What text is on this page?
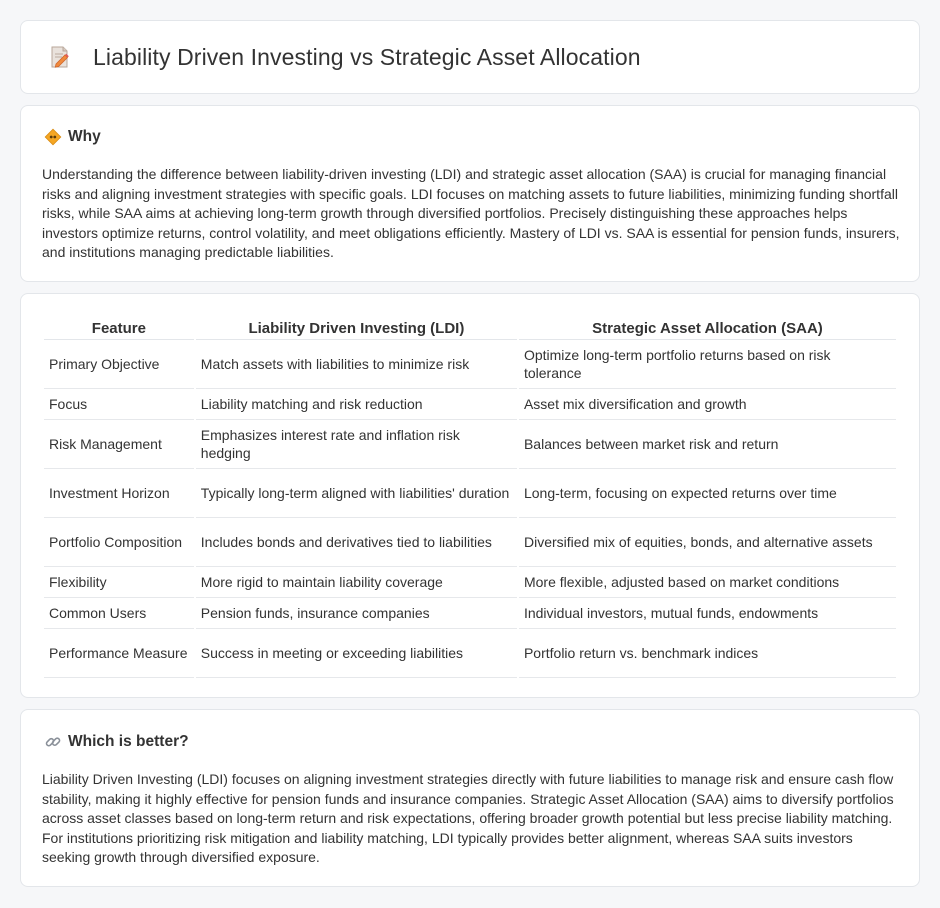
Liability Driven Investing vs Strategic Asset Allocation
Why

Understanding the difference between liability-driven investing (LDI) and strategic asset allocation (SAA) is crucial for managing financial risks and aligning investment strategies with specific goals. LDI focuses on matching assets to future liabilities, minimizing funding shortfall risks, while SAA aims at achieving long-term growth through diversified portfolios. Precisely distinguishing these approaches helps investors optimize returns, control volatility, and meet obligations efficiently. Mastery of LDI vs. SAA is essential for pension funds, insurers, and institutions managing predictable liabilities.

Feature	Liability Driven Investing (LDI)	Strategic Asset Allocation (SAA)
Primary Objective	Match assets with liabilities to minimize risk	Optimize long-term portfolio returns based on risk tolerance
Focus	Liability matching and risk reduction	Asset mix diversification and growth
Risk Management	Emphasizes interest rate and inflation risk hedging	Balances between market risk and return
Investment Horizon	Typically long-term aligned with liabilities' duration	Long-term, focusing on expected returns over time
Portfolio Composition	Includes bonds and derivatives tied to liabilities	Diversified mix of equities, bonds, and alternative assets
Flexibility	More rigid to maintain liability coverage	More flexible, adjusted based on market conditions
Common Users	Pension funds, insurance companies	Individual investors, mutual funds, endowments
Performance Measure	Success in meeting or exceeding liabilities	Portfolio return vs. benchmark indices
Which is better?

Liability Driven Investing (LDI) focuses on aligning investment strategies directly with future liabilities to manage risk and ensure cash flow stability, making it highly effective for pension funds and insurance companies. Strategic Asset Allocation (SAA) aims to diversify portfolios across asset classes based on long-term return and risk expectations, offering broader growth potential but less precise liability matching. For institutions prioritizing risk mitigation and liability matching, LDI typically provides better alignment, whereas SAA suits investors seeking growth through diversified exposure.
